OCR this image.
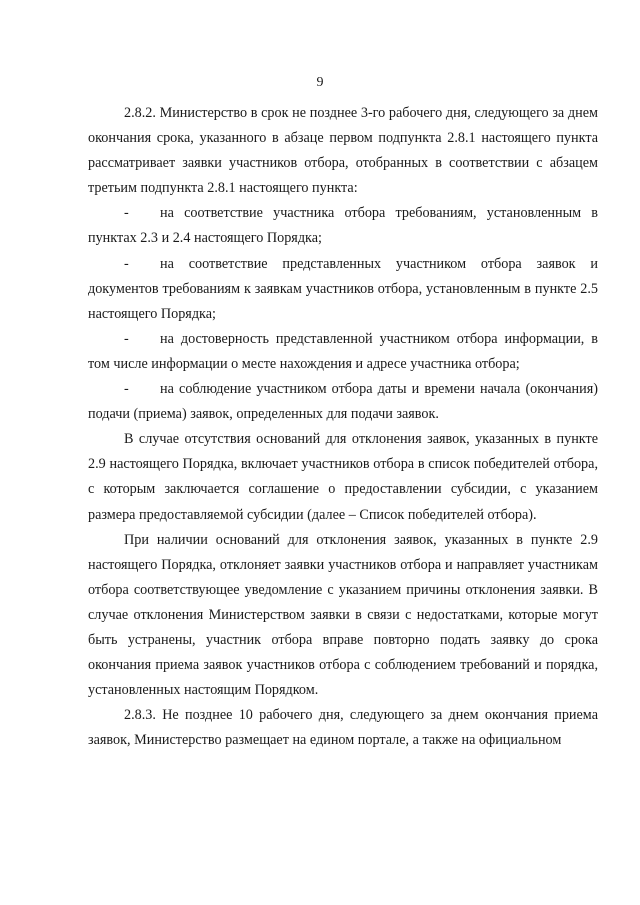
9

2.8.2. Министерство в срок не позднее 3-го рабочего дня, следующего за днем окончания срока, указанного в абзаце первом подпункта 2.8.1 настоящего пункта рассматривает заявки участников отбора, отобранных в соответствии с абзацем третьим подпункта 2.8.1 настоящего пункта:

- на соответствие участника отбора требованиям, установленным в пунктах 2.3 и 2.4 настоящего Порядка;

- на соответствие представленных участником отбора заявок и документов требованиям к заявкам участников отбора, установленным в пункте 2.5 настоящего Порядка;

- на достоверность представленной участником отбора информации, в том числе информации о месте нахождения и адресе участника отбора;

- на соблюдение участником отбора даты и времени начала (окончания) подачи (приема) заявок, определенных для подачи заявок.

В случае отсутствия оснований для отклонения заявок, указанных в пункте 2.9 настоящего Порядка, включает участников отбора в список победителей отбора, с которым заключается соглашение о предоставлении субсидии, с указанием размера предоставляемой субсидии (далее – Список победителей отбора).

При наличии оснований для отклонения заявок, указанных в пункте 2.9 настоящего Порядка, отклоняет заявки участников отбора и направляет участникам отбора соответствующее уведомление с указанием причины отклонения заявки. В случае отклонения Министерством заявки в связи с недостатками, которые могут быть устранены, участник отбора вправе повторно подать заявку до срока окончания приема заявок участников отбора с соблюдением требований и порядка, установленных настоящим Порядком.

2.8.3. Не позднее 10 рабочего дня, следующего за днем окончания приема заявок, Министерство размещает на едином портале, а также на официальном
